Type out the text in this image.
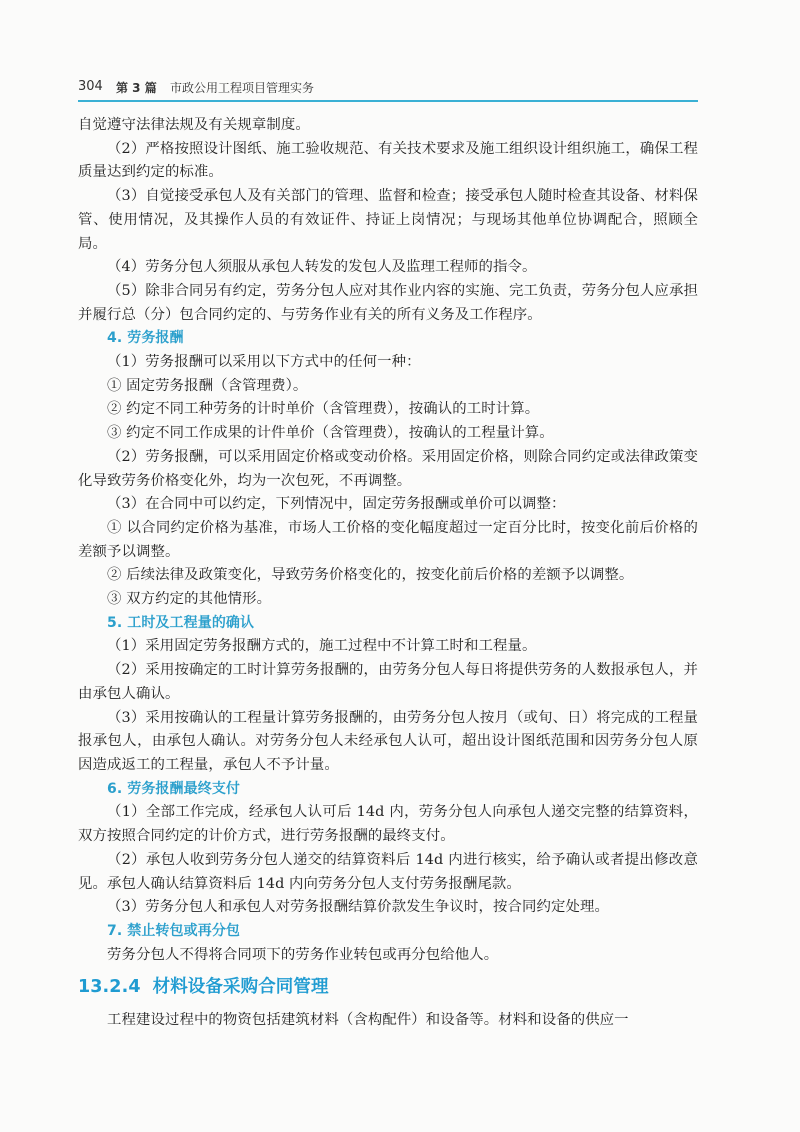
304 第 3 篇 市政公用工程项目管理实务

自觉遵守法律法规及有关规章制度。

（2）严格按照设计图纸、施工验收规范、有关技术要求及施工组织设计组织施工，确保工程质量达到约定的标准。

（3）自觉接受承包人及有关部门的管理、监督和检查；接受承包人随时检查其设备、材料保管、使用情况，及其操作人员的有效证件、持证上岗情况；与现场其他单位协调配合，照顾全局。

（4）劳务分包人须服从承包人转发的发包人及监理工程师的指令。

（5）除非合同另有约定，劳务分包人应对其作业内容的实施、完工负责，劳务分包人应承担并履行总（分）包合同约定的、与劳务作业有关的所有义务及工作程序。

4. 劳务报酬

（1）劳务报酬可以采用以下方式中的任何一种：

① 固定劳务报酬（含管理费）。

② 约定不同工种劳务的计时单价（含管理费），按确认的工时计算。

③ 约定不同工作成果的计件单价（含管理费），按确认的工程量计算。

（2）劳务报酬，可以采用固定价格或变动价格。采用固定价格，则除合同约定或法律政策变化导致劳务价格变化外，均为一次包死，不再调整。

（3）在合同中可以约定，下列情况中，固定劳务报酬或单价可以调整：

① 以合同约定价格为基准，市场人工价格的变化幅度超过一定百分比时，按变化前后价格的差额予以调整。

② 后续法律及政策变化，导致劳务价格变化的，按变化前后价格的差额予以调整。

③ 双方约定的其他情形。

5. 工时及工程量的确认

（1）采用固定劳务报酬方式的，施工过程中不计算工时和工程量。

（2）采用按确定的工时计算劳务报酬的，由劳务分包人每日将提供劳务的人数报承包人，并由承包人确认。

（3）采用按确认的工程量计算劳务报酬的，由劳务分包人按月（或旬、日）将完成的工程量报承包人，由承包人确认。对劳务分包人未经承包人认可，超出设计图纸范围和因劳务分包人原因造成返工的工程量，承包人不予计量。

6. 劳务报酬最终支付

（1）全部工作完成，经承包人认可后 14d 内，劳务分包人向承包人递交完整的结算资料，双方按照合同约定的计价方式，进行劳务报酬的最终支付。

（2）承包人收到劳务分包人递交的结算资料后 14d 内进行核实，给予确认或者提出修改意见。承包人确认结算资料后 14d 内向劳务分包人支付劳务报酬尾款。

（3）劳务分包人和承包人对劳务报酬结算价款发生争议时，按合同约定处理。

7. 禁止转包或再分包

劳务分包人不得将合同项下的劳务作业转包或再分包给他人。

13.2.4 材料设备采购合同管理

工程建设过程中的物资包括建筑材料（含构配件）和设备等。材料和设备的供应一
